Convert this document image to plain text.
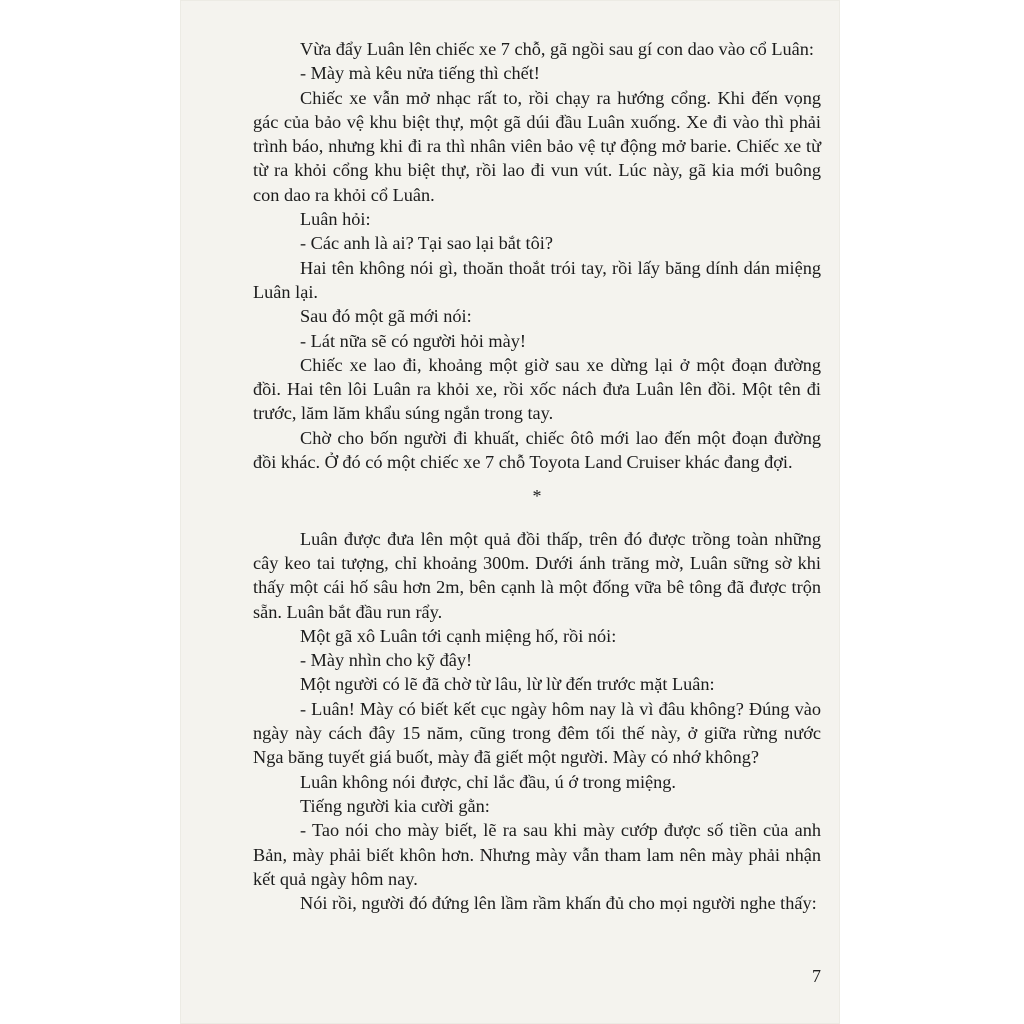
Vừa đẩy Luân lên chiếc xe 7 chỗ, gã ngồi sau gí con dao vào cổ Luân:

- Mày mà kêu nửa tiếng thì chết!

Chiếc xe vẫn mở nhạc rất to, rồi chạy ra hướng cổng. Khi đến vọng gác của bảo vệ khu biệt thự, một gã dúi đầu Luân xuống. Xe đi vào thì phải trình báo, nhưng khi đi ra thì nhân viên bảo vệ tự động mở barie. Chiếc xe từ từ ra khỏi cổng khu biệt thự, rồi lao đi vun vút. Lúc này, gã kia mới buông con dao ra khỏi cổ Luân.

Luân hỏi:

- Các anh là ai? Tại sao lại bắt tôi?

Hai tên không nói gì, thoăn thoắt trói tay, rồi lấy băng dính dán miệng Luân lại.

Sau đó một gã mới nói:

- Lát nữa sẽ có người hỏi mày!

Chiếc xe lao đi, khoảng một giờ sau xe dừng lại ở một đoạn đường đồi. Hai tên lôi Luân ra khỏi xe, rồi xốc nách đưa Luân lên đồi. Một tên đi trước, lăm lăm khẩu súng ngắn trong tay.

Chờ cho bốn người đi khuất, chiếc ôtô mới lao đến một đoạn đường đồi khác. Ở đó có một chiếc xe 7 chỗ Toyota Land Cruiser khác đang đợi.

*

Luân được đưa lên một quả đồi thấp, trên đó được trồng toàn những cây keo tai tượng, chỉ khoảng 300m. Dưới ánh trăng mờ, Luân sững sờ khi thấy một cái hố sâu hơn 2m, bên cạnh là một đống vữa bê tông đã được trộn sẵn. Luân bắt đầu run rẩy.

Một gã xô Luân tới cạnh miệng hố, rồi nói:

- Mày nhìn cho kỹ đây!

Một người có lẽ đã chờ từ lâu, lừ lừ đến trước mặt Luân:

- Luân! Mày có biết kết cục ngày hôm nay là vì đâu không? Đúng vào ngày này cách đây 15 năm, cũng trong đêm tối thế này, ở giữa rừng nước Nga băng tuyết giá buốt, mày đã giết một người. Mày có nhớ không?

Luân không nói được, chỉ lắc đầu, ú ớ trong miệng.

Tiếng người kia cười gằn:

- Tao nói cho mày biết, lẽ ra sau khi mày cướp được số tiền của anh Bản, mày phải biết khôn hơn. Nhưng mày vẫn tham lam nên mày phải nhận kết quả ngày hôm nay.

Nói rồi, người đó đứng lên lầm rầm khấn đủ cho mọi người nghe thấy:

7
